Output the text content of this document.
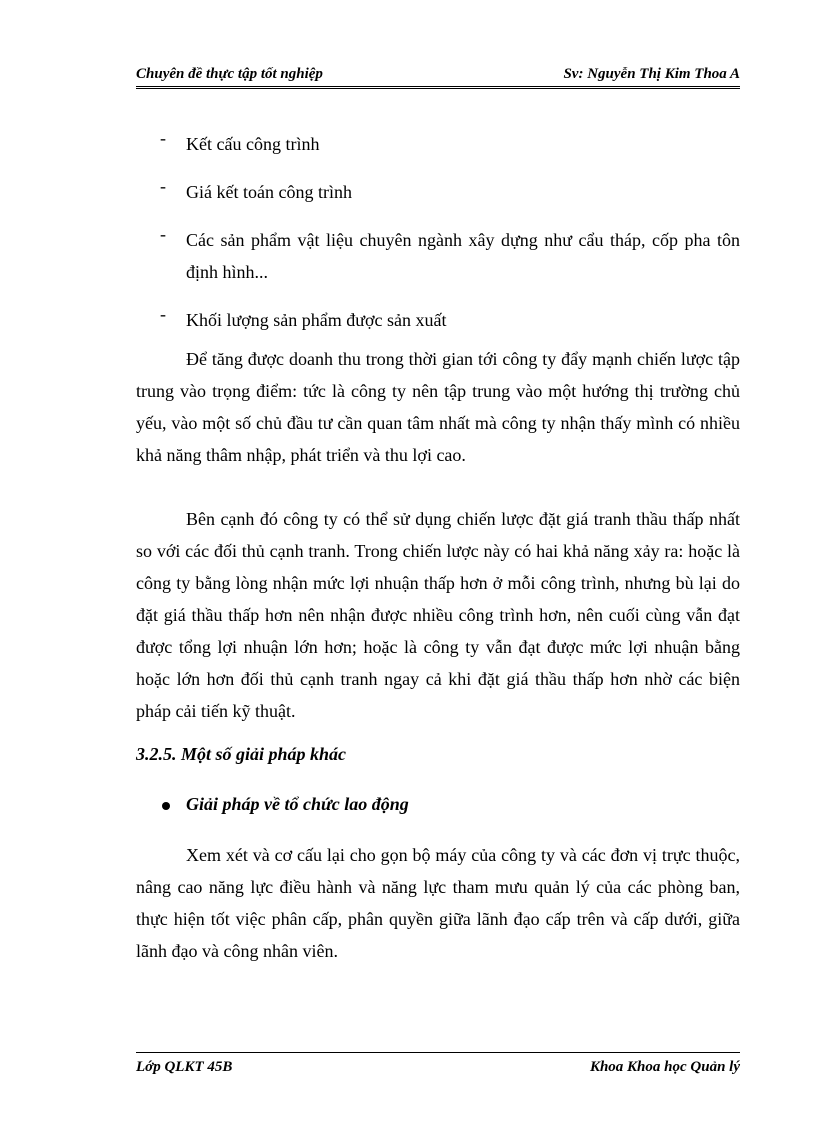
Chuyên đề thực tập tốt nghiệp	Sv: Nguyễn Thị Kim Thoa A
- Kết cấu công trình
- Giá kết toán công trình
- Các sản phẩm vật liệu chuyên ngành xây dựng như cẩu tháp, cốp pha tôn định hình...
- Khối lượng sản phẩm được sản xuất

Để tăng được doanh thu trong thời gian tới công ty đẩy mạnh chiến lược tập trung vào trọng điểm: tức là công ty nên tập trung vào một hướng thị trường chủ yếu, vào một số chủ đầu tư cần quan tâm nhất mà công ty nhận thấy mình có nhiều khả năng thâm nhập, phát triển và thu lợi cao.

Bên cạnh đó công ty có thể sử dụng chiến lược đặt giá tranh thầu thấp nhất so với các đối thủ cạnh tranh. Trong chiến lược này có hai khả năng xảy ra: hoặc là công ty bằng lòng nhận mức lợi nhuận thấp hơn ở mỗi công trình, nhưng bù lại do đặt giá thầu thấp hơn nên nhận được nhiều công trình hơn, nên cuối cùng vẫn đạt được tổng lợi nhuận lớn hơn; hoặc là công ty vẫn đạt được mức lợi nhuận bằng hoặc lớn hơn đối thủ cạnh tranh ngay cả khi đặt giá thầu thấp hơn nhờ các biện pháp cải tiến kỹ thuật.

3.2.5. Một số giải pháp khác
Giải pháp về tổ chức lao động

Xem xét và cơ cấu lại cho gọn bộ máy của công ty và các đơn vị trực thuộc, nâng cao năng lực điều hành và năng lực tham mưu quản lý của các phòng ban, thực hiện tốt việc phân cấp, phân quyền giữa lãnh đạo cấp trên và cấp dưới, giữa lãnh đạo và công nhân viên.

Lớp QLKT 45B	Khoa Khoa học Quản lý
